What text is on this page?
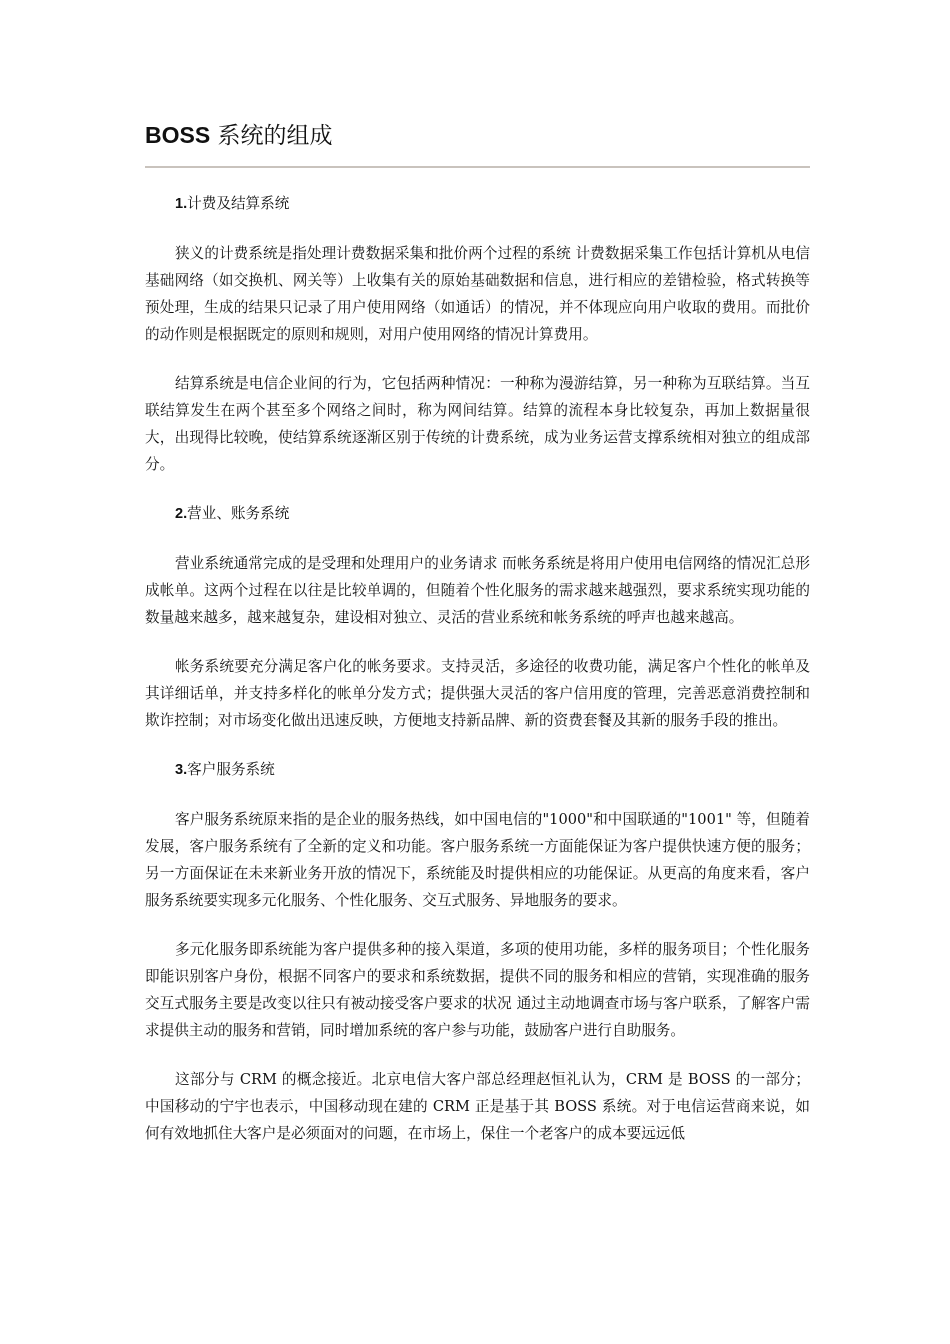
BOSS 系统的组成
1.计费及结算系统

狭义的计费系统是指处理计费数据采集和批价两个过程的系统 计费数据采集工作包括计算机从电信基础网络（如交换机、网关等）上收集有关的原始基础数据和信息，进行相应的差错检验，格式转换等预处理，生成的结果只记录了用户使用网络（如通话）的情况，并不体现应向用户收取的费用。而批价的动作则是根据既定的原则和规则，对用户使用网络的情况计算费用。

结算系统是电信企业间的行为，它包括两种情况：一种称为漫游结算，另一种称为互联结算。当互联结算发生在两个甚至多个网络之间时，称为网间结算。结算的流程本身比较复杂，再加上数据量很大，出现得比较晚，使结算系统逐渐区别于传统的计费系统，成为业务运营支撑系统相对独立的组成部分。

2.营业、账务系统

营业系统通常完成的是受理和处理用户的业务请求 而帐务系统是将用户使用电信网络的情况汇总形成帐单。这两个过程在以往是比较单调的，但随着个性化服务的需求越来越强烈，要求系统实现功能的数量越来越多，越来越复杂，建设相对独立、灵活的营业系统和帐务系统的呼声也越来越高。

帐务系统要充分满足客户化的帐务要求。支持灵活，多途径的收费功能，满足客户个性化的帐单及其详细话单，并支持多样化的帐单分发方式；提供强大灵活的客户信用度的管理，完善恶意消费控制和欺诈控制；对市场变化做出迅速反映，方便地支持新品牌、新的资费套餐及其新的服务手段的推出。

3.客户服务系统

客户服务系统原来指的是企业的服务热线，如中国电信的"1000"和中国联通的"1001" 等，但随着发展，客户服务系统有了全新的定义和功能。客户服务系统一方面能保证为客户提供快速方便的服务；另一方面保证在未来新业务开放的情况下，系统能及时提供相应的功能保证。从更高的角度来看，客户服务系统要实现多元化服务、个性化服务、交互式服务、异地服务的要求。

多元化服务即系统能为客户提供多种的接入渠道，多项的使用功能，多样的服务项目；个性化服务即能识别客户身份，根据不同客户的要求和系统数据，提供不同的服务和相应的营销，实现准确的服务 交互式服务主要是改变以往只有被动接受客户要求的状况 通过主动地调查市场与客户联系，了解客户需求提供主动的服务和营销，同时增加系统的客户参与功能，鼓励客户进行自助服务。

这部分与 CRM 的概念接近。北京电信大客户部总经理赵恒礼认为，CRM 是 BOSS 的一部分；中国移动的宁宇也表示，中国移动现在建的 CRM 正是基于其 BOSS 系统。对于电信运营商来说，如何有效地抓住大客户是必须面对的问题，在市场上，保住一个老客户的成本要远远低
